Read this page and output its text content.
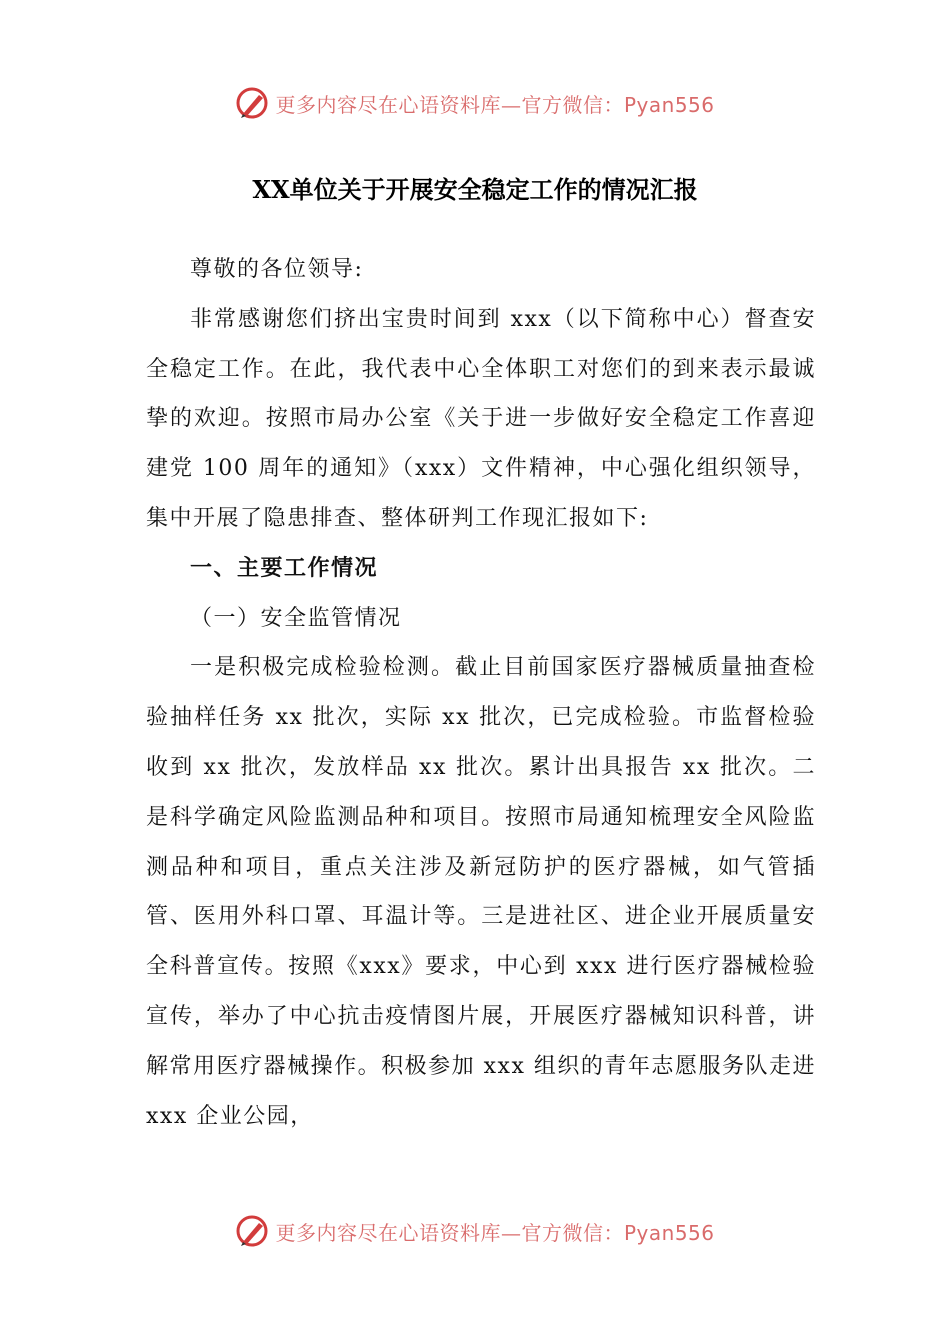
更多内容尽在心语资料库—官方微信：Pyan556
XX单位关于开展安全稳定工作的情况汇报

尊敬的各位领导:

非常感谢您们挤出宝贵时间到 xxx（以下简称中心）督查安全稳定工作。在此，我代表中心全体职工对您们的到来表示最诚挚的欢迎。按照市局办公室《关于进一步做好安全稳定工作喜迎建党 100 周年的通知》（xxx）文件精神，中心强化组织领导，集中开展了隐患排查、整体研判工作现汇报如下:

一、主要工作情况
（一）安全监管情况

一是积极完成检验检测。截止目前国家医疗器械质量抽查检验抽样任务 xx 批次，实际 xx 批次，已完成检验。市监督检验收到 xx 批次，发放样品 xx 批次。累计出具报告 xx 批次。二是科学确定风险监测品种和项目。按照市局通知梳理安全风险监测品种和项目，重点关注涉及新冠防护的医疗器械，如气管插管、医用外科口罩、耳温计等。三是进社区、进企业开展质量安全科普宣传。按照《xxx》要求，中心到 xxx 进行医疗器械检验宣传，举办了中心抗击疫情图片展，开展医疗器械知识科普，讲解常用医疗器械操作。积极参加 xxx 组织的青年志愿服务队走进 xxx 企业公园，

更多内容尽在心语资料库—官方微信：Pyan556
